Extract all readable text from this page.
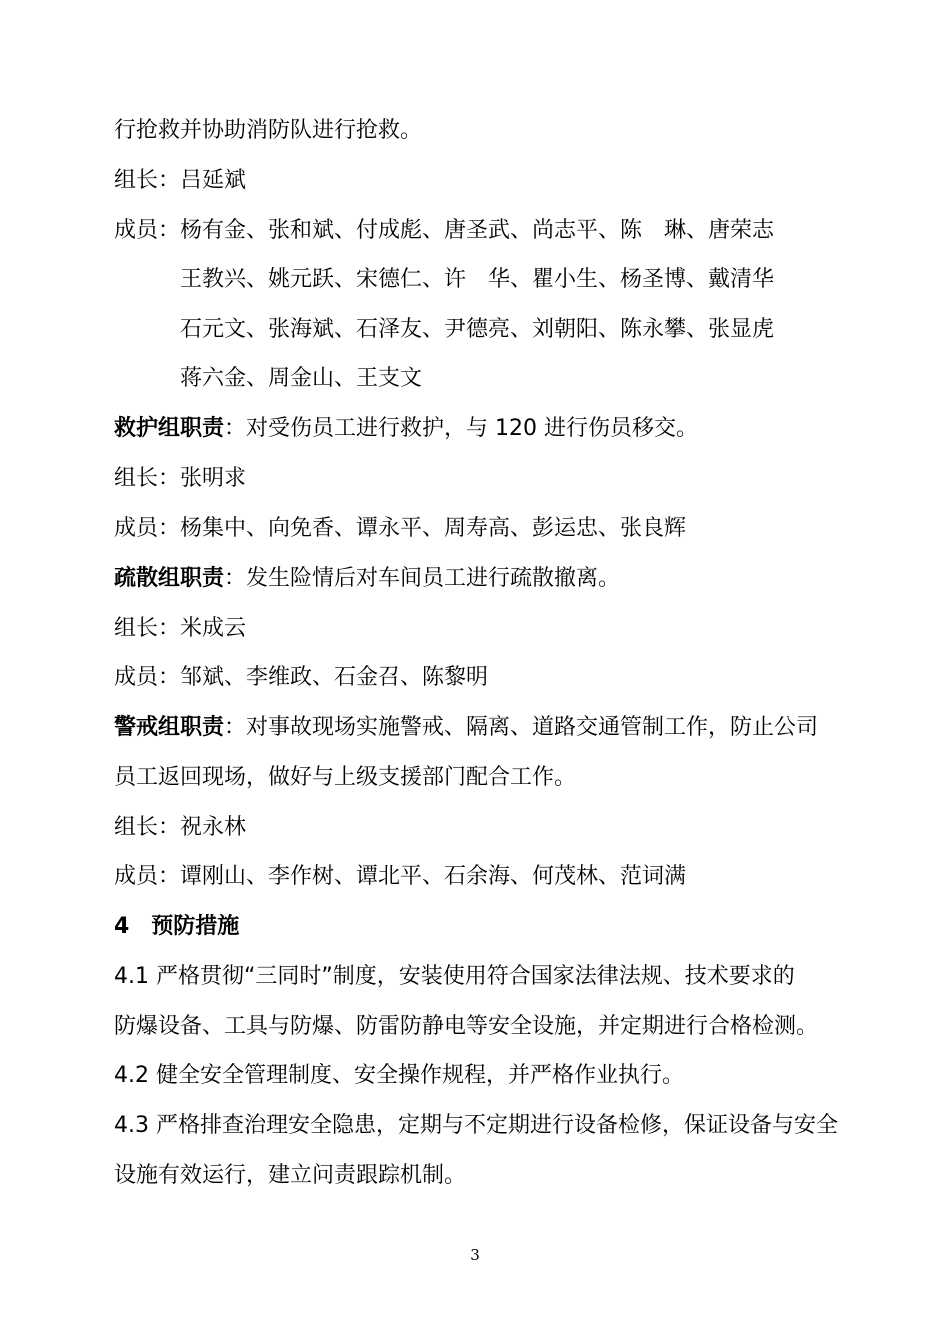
行抢救并协助消防队进行抢救。
组长：吕延斌
成员：杨有金、张和斌、付成彪、唐圣武、尚志平、陈　琳、唐荣志
王教兴、姚元跃、宋德仁、许　华、瞿小生、杨圣博、戴清华
石元文、张海斌、石泽友、尹德亮、刘朝阳、陈永攀、张显虎
蒋六金、周金山、王支文
救护组职责：对受伤员工进行救护，与 120 进行伤员移交。
组长：张明求
成员：杨集中、向免香、谭永平、周寿高、彭运忠、张良辉
疏散组职责：发生险情后对车间员工进行疏散撤离。
组长：米成云
成员：邹斌、李维政、石金召、陈黎明
警戒组职责：对事故现场实施警戒、隔离、道路交通管制工作，防止公司
员工返回现场，做好与上级支援部门配合工作。
组长：祝永林
成员：谭刚山、李作树、谭北平、石余海、何茂林、范词满
4　预防措施
4.1 严格贯彻“三同时”制度，安装使用符合国家法律法规、技术要求的
防爆设备、工具与防爆、防雷防静电等安全设施，并定期进行合格检测。
4.2 健全安全管理制度、安全操作规程，并严格作业执行。
4.3 严格排查治理安全隐患，定期与不定期进行设备检修，保证设备与安全
设施有效运行，建立问责跟踪机制。
3
